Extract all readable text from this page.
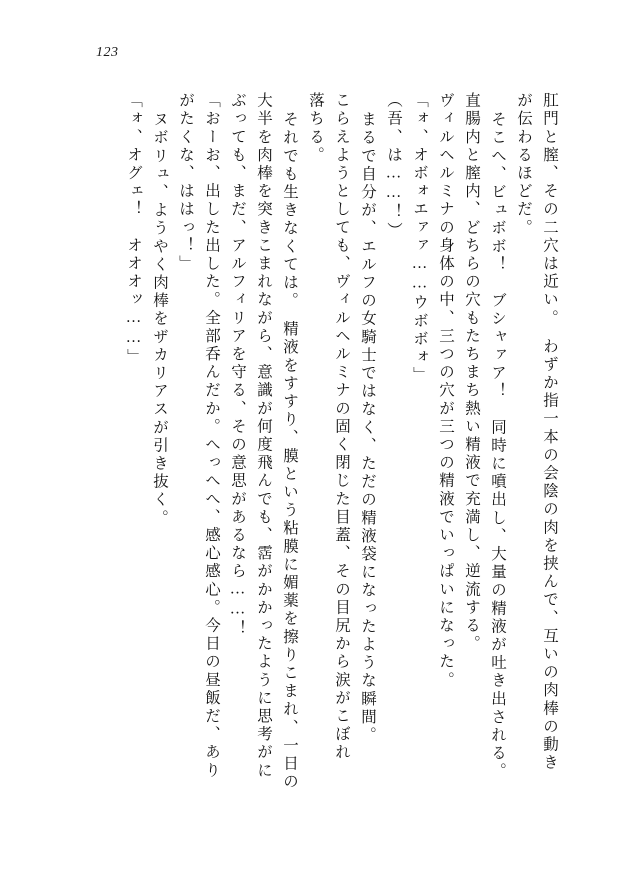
123
肛門と膣、その二穴は近い。　わずか指一本の会陰の肉を挟んで、互いの肉棒の動き
が伝わるほどだ。
そこへ、ビュボボ！　ブシャァア！　同時に噴出し、大量の精液が吐き出される。
直腸内と膣内、どちらの穴もたちまち熱い精液で充満し、逆流する。
ヴィルヘルミナの身体の中、三つの穴が三つの精液でいっぱいになった。
「ォ、オボォエァァ……ウボボォ」
（吾、は……！）
まるで自分が、エルフの女騎士ではなく、ただの精液袋になったような瞬間。
こらえようとしても、ヴィルヘルミナの固く閉じた目蓋、その目尻から涙がこぼれ
落ちる。
それでも生きなくては。　精液をすすり、膜という粘膜に媚薬を擦りこまれ、一日の
大半を肉棒を突きこまれながら、意識が何度飛んでも、霑がかかったように思考がに
ぶっても、まだ、アルフィリアを守る、その意思があるなら……！
「おーお、出した出した。全部呑んだか。へっへへ、感心感心。今日の昼飯だ、あり
がたくな、ははっ！」
ヌボリュ、ようやく肉棒をザカリアスが引き抜く。
「ォ、オグェ！　オオオッ……」
